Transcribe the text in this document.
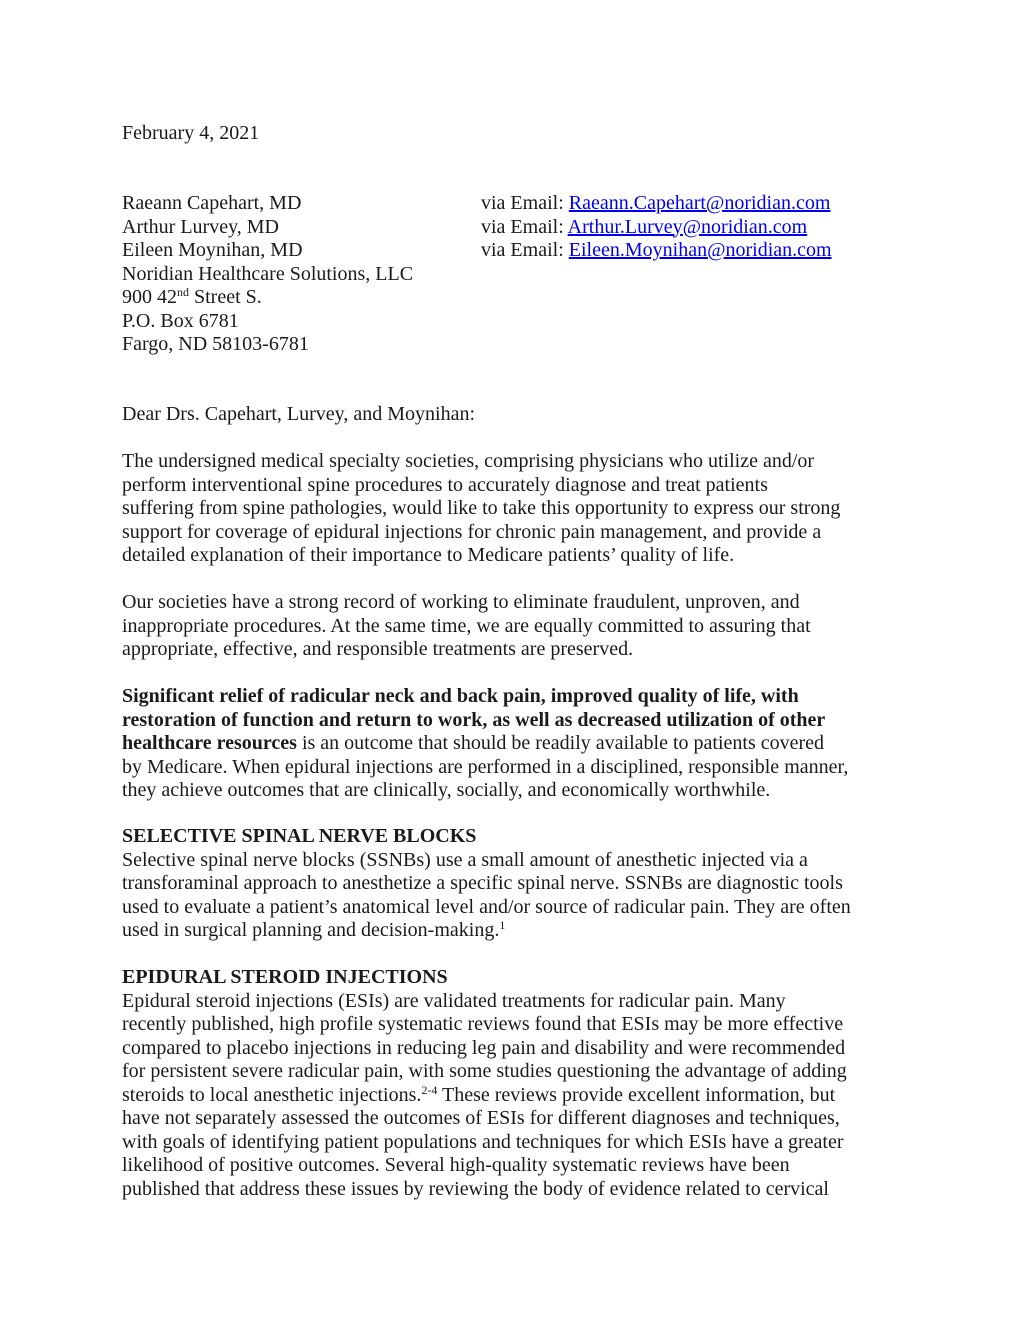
February 4, 2021
Raeann Capehart, MD
Arthur Lurvey, MD
Eileen Moynihan, MD
Noridian Healthcare Solutions, LLC
900 42nd Street S.
P.O. Box 6781
Fargo, ND 58103-6781
via Email: Raeann.Capehart@noridian.com
via Email: Arthur.Lurvey@noridian.com
via Email: Eileen.Moynihan@noridian.com
Dear Drs. Capehart, Lurvey, and Moynihan:
The undersigned medical specialty societies, comprising physicians who utilize and/or
perform interventional spine procedures to accurately diagnose and treat patients
suffering from spine pathologies, would like to take this opportunity to express our strong
support for coverage of epidural injections for chronic pain management, and provide a
detailed explanation of their importance to Medicare patients’ quality of life.
Our societies have a strong record of working to eliminate fraudulent, unproven, and
inappropriate procedures. At the same time, we are equally committed to assuring that
appropriate, effective, and responsible treatments are preserved.
Significant relief of radicular neck and back pain, improved quality of life, with
restoration of function and return to work, as well as decreased utilization of other
healthcare resources is an outcome that should be readily available to patients covered
by Medicare. When epidural injections are performed in a disciplined, responsible manner,
they achieve outcomes that are clinically, socially, and economically worthwhile.
SELECTIVE SPINAL NERVE BLOCKS
Selective spinal nerve blocks (SSNBs) use a small amount of anesthetic injected via a
transforaminal approach to anesthetize a specific spinal nerve. SSNBs are diagnostic tools
used to evaluate a patient’s anatomical level and/or source of radicular pain. They are often
used in surgical planning and decision-making.$^1$
EPIDURAL STEROID INJECTIONS
Epidural steroid injections (ESIs) are validated treatments for radicular pain. Many
recently published, high profile systematic reviews found that ESIs may be more effective
compared to placebo injections in reducing leg pain and disability and were recommended
for persistent severe radicular pain, with some studies questioning the advantage of adding
steroids to local anesthetic injections.$^{2-4}$ These reviews provide excellent information, but
have not separately assessed the outcomes of ESIs for different diagnoses and techniques,
with goals of identifying patient populations and techniques for which ESIs have a greater
likelihood of positive outcomes. Several high-quality systematic reviews have been
published that address these issues by reviewing the body of evidence related to cervical
